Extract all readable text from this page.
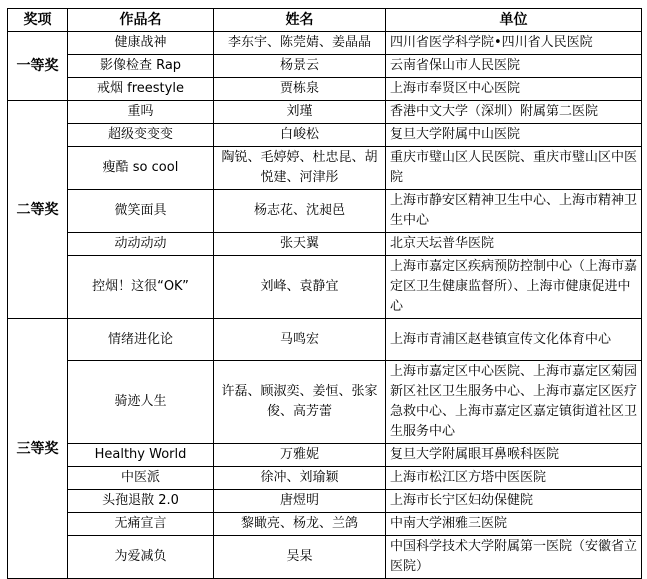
奖项	作品名	姓名	单位
一等奖	健康战神	李东宇、陈莞婧、姜晶晶	四川省医学科学院•四川省人民医院
	影像检查 Rap	杨景云	云南省保山市人民医院
	戒烟 freestyle	贾栋泉	上海市奉贤区中心医院
二等奖	重吗	刘瑾	香港中文大学（深圳）附属第二医院
	超级变变变	白峻松	复旦大学附属中山医院
	瘦酷 so cool	陶锐、毛婷婷、杜忠昆、胡悦建、河津彤	重庆市璧山区人民医院、重庆市璧山区中医院
	微笑面具	杨志花、沈昶邑	上海市静安区精神卫生中心、上海市精神卫生中心
	动动动动	张天翼	北京天坛普华医院
	控烟！这很“OK”	刘峰、袁静宜	上海市嘉定区疾病预防控制中心（上海市嘉定区卫生健康监督所）、上海市健康促进中心
三等奖	情绪进化论	马鸣宏	上海市青浦区赵巷镇宣传文化体育中心
	骑迹人生	许磊、顾淑奕、姜恒、张家俊、高芳蕾	上海市嘉定区中心医院、上海市嘉定区菊园新区社区卫生服务中心、上海市嘉定区医疗急救中心、上海市嘉定区嘉定镇街道社区卫生服务中心
	Healthy World	万雅妮	复旦大学附属眼耳鼻喉科医院
	中医派	徐冲、刘瑜颖	上海市松江区方塔中医医院
	头孢退散 2.0	唐煜明	上海市长宁区妇幼保健院
	无痛宣言	黎瞰亮、杨龙、兰鸽	中南大学湘雅三医院
	为爱减负	吴杲	中国科学技术大学附属第一医院（安徽省立医院）
